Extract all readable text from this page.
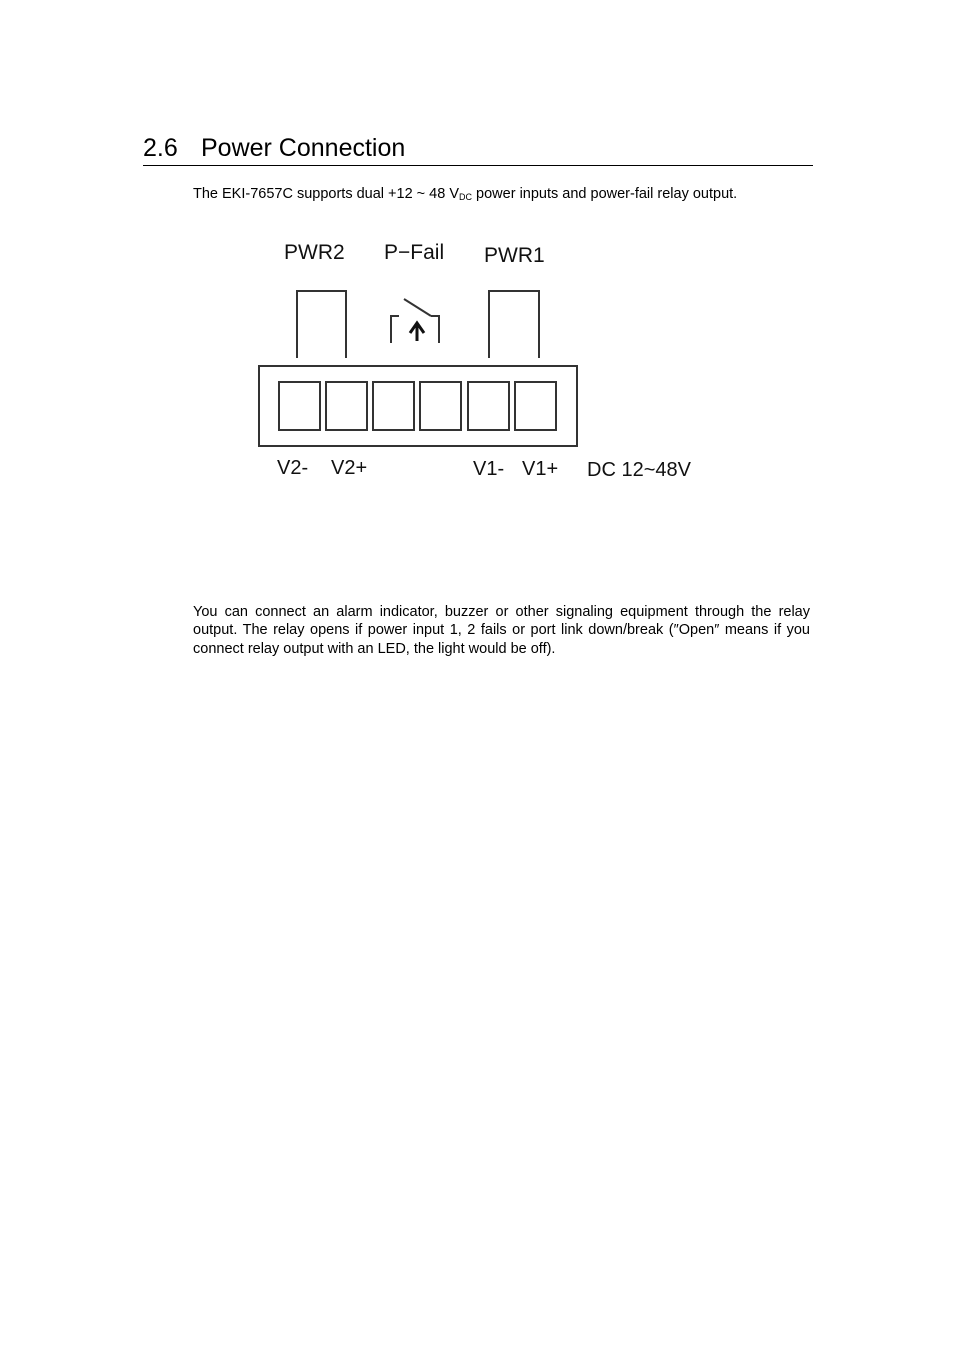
2.6 Power Connection
The EKI-7657C supports dual +12 ~ 48 $V_{DC}$ power inputs and power-fail relay output.
PWR2 P−Fail PWR1
V2- V2+	V1- V1+ DC 12~48V

You can connect an alarm indicator, buzzer or other signaling equipment through the relay output. The relay opens if power input 1, 2 fails or port link down/break (″Open″ means if you connect relay output with an LED, the light would be off).
